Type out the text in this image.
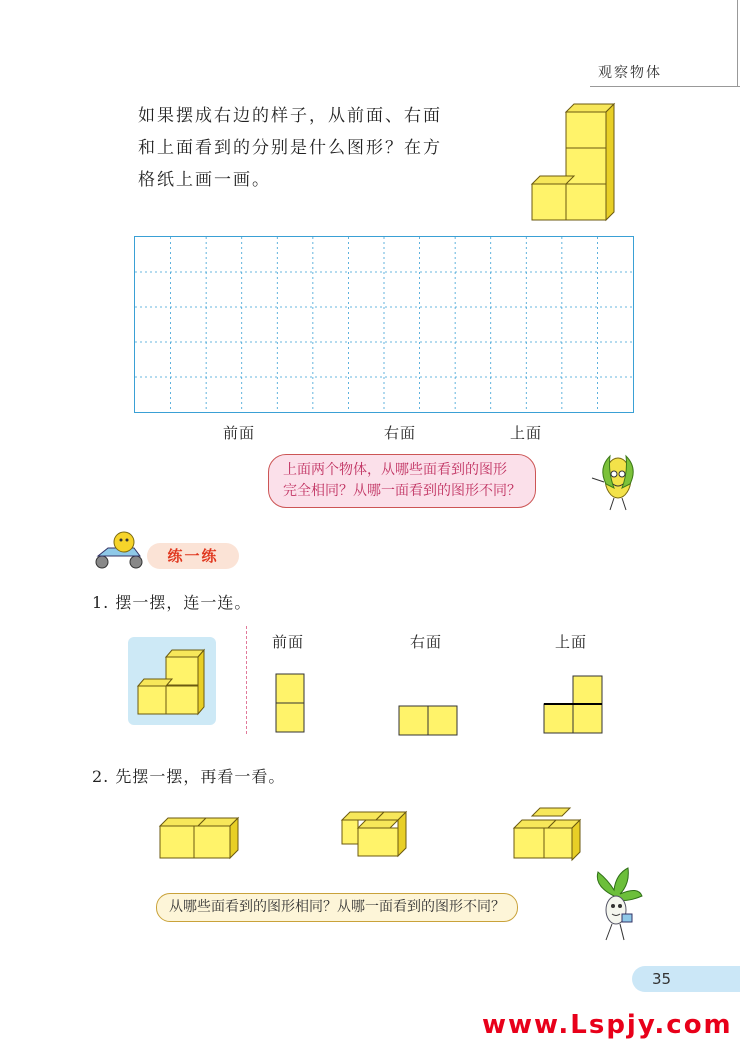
观察物体
如果摆成右边的样子，从前面、右面
和上面看到的分别是什么图形？在方
格纸上画一画。
前面	右面	上面
上面两个物体，从哪些面看到的图形
完全相同？从哪一面看到的图形不同？
练一练
1. 摆一摆，连一连。
前面	右面	上面
2. 先摆一摆，再看一看。
从哪些面看到的图形相同？从哪一面看到的图形不同？
35
www.Lspjy.com
